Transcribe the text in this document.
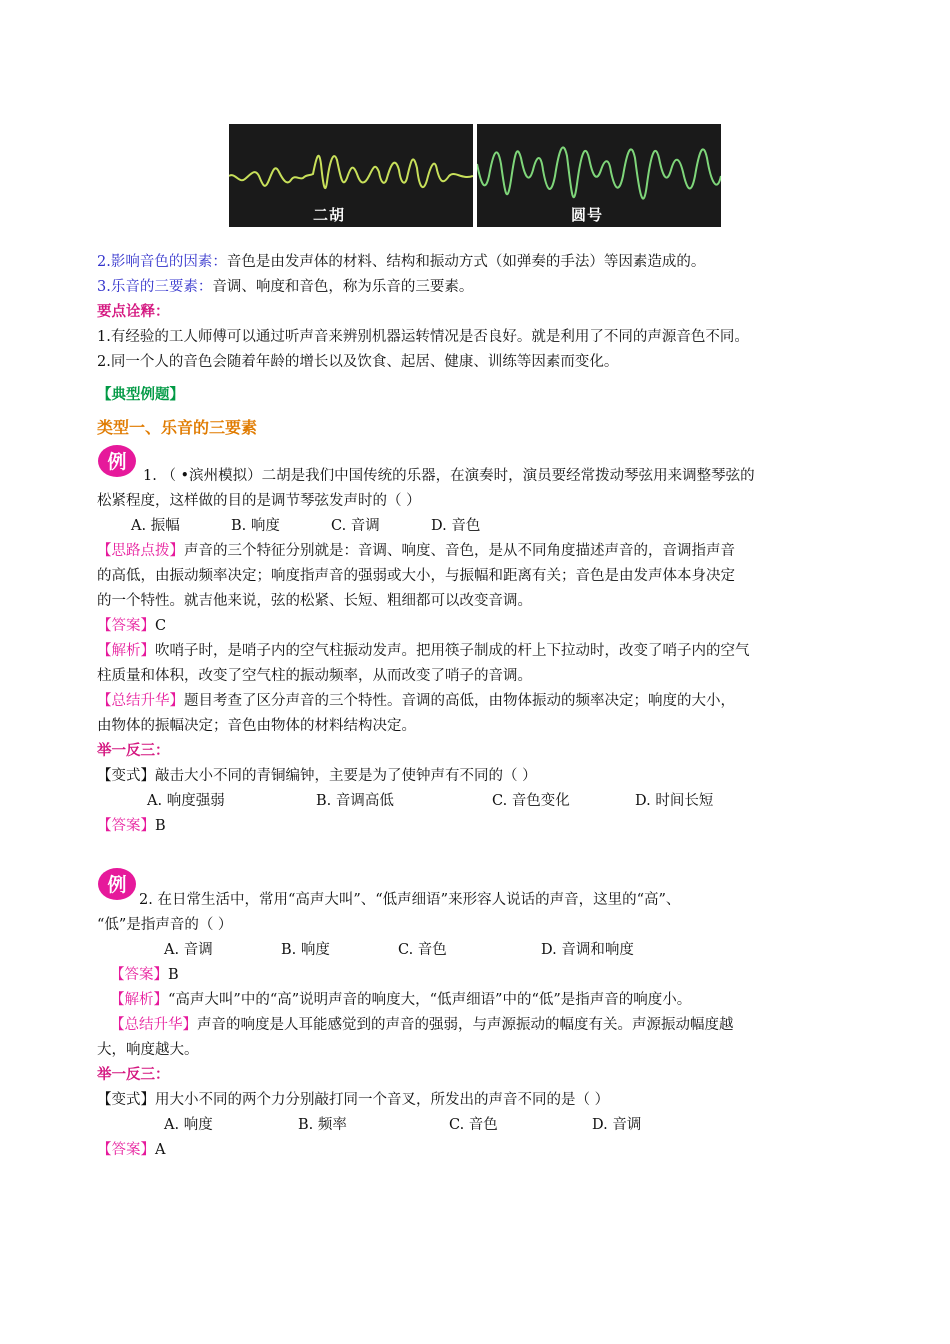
二胡	圆号
2.影响音色的因素：音色是由发声体的材料、结构和振动方式（如弹奏的手法）等因素造成的。
3.乐音的三要素：音调、响度和音色，称为乐音的三要素。
要点诠释：
1.有经验的工人师傅可以通过听声音来辨别机器运转情况是否良好。就是利用了不同的声源音色不同。
2.同一个人的音色会随着年龄的增长以及饮食、起居、健康、训练等因素而变化。
【典型例题】
类型一、乐音的三要素
例
1. （ •滨州模拟）二胡是我们中国传统的乐器，在演奏时，演员要经常拨动琴弦用来调整琴弦的
松紧程度，这样做的目的是调节琴弦发声时的（ ）
A. 振幅	B. 响度	C. 音调	D. 音色
【思路点拨】声音的三个特征分别就是：音调、响度、音色，是从不同角度描述声音的，音调指声音
的高低，由振动频率决定；响度指声音的强弱或大小，与振幅和距离有关；音色是由发声体本身决定
的一个特性。就吉他来说，弦的松紧、长短、粗细都可以改变音调。
【答案】C
【解析】吹哨子时，是哨子内的空气柱振动发声。把用筷子制成的杆上下拉动时，改变了哨子内的空气
柱质量和体积，改变了空气柱的振动频率，从而改变了哨子的音调。
【总结升华】题目考查了区分声音的三个特性。音调的高低，由物体振动的频率决定；响度的大小，
由物体的振幅决定；音色由物体的材料结构决定。
举一反三：
【变式】敲击大小不同的青铜编钟，主要是为了使钟声有不同的（ ）
A. 响度强弱	B. 音调高低	C. 音色变化	D. 时间长短
【答案】B
例
2. 在日常生活中，常用“高声大叫”、“低声细语”来形容人说话的声音，这里的“高”、
“低”是指声音的（ ）
A. 音调	B. 响度	C. 音色	D. 音调和响度
【答案】B
【解析】“高声大叫”中的“高”说明声音的响度大，“低声细语”中的“低”是指声音的响度小。
【总结升华】声音的响度是人耳能感觉到的声音的强弱，与声源振动的幅度有关。声源振动幅度越
大，响度越大。
举一反三：
【变式】用大小不同的两个力分别敲打同一个音叉，所发出的声音不同的是（ ）
A. 响度	B. 频率	C. 音色	D. 音调
【答案】A
